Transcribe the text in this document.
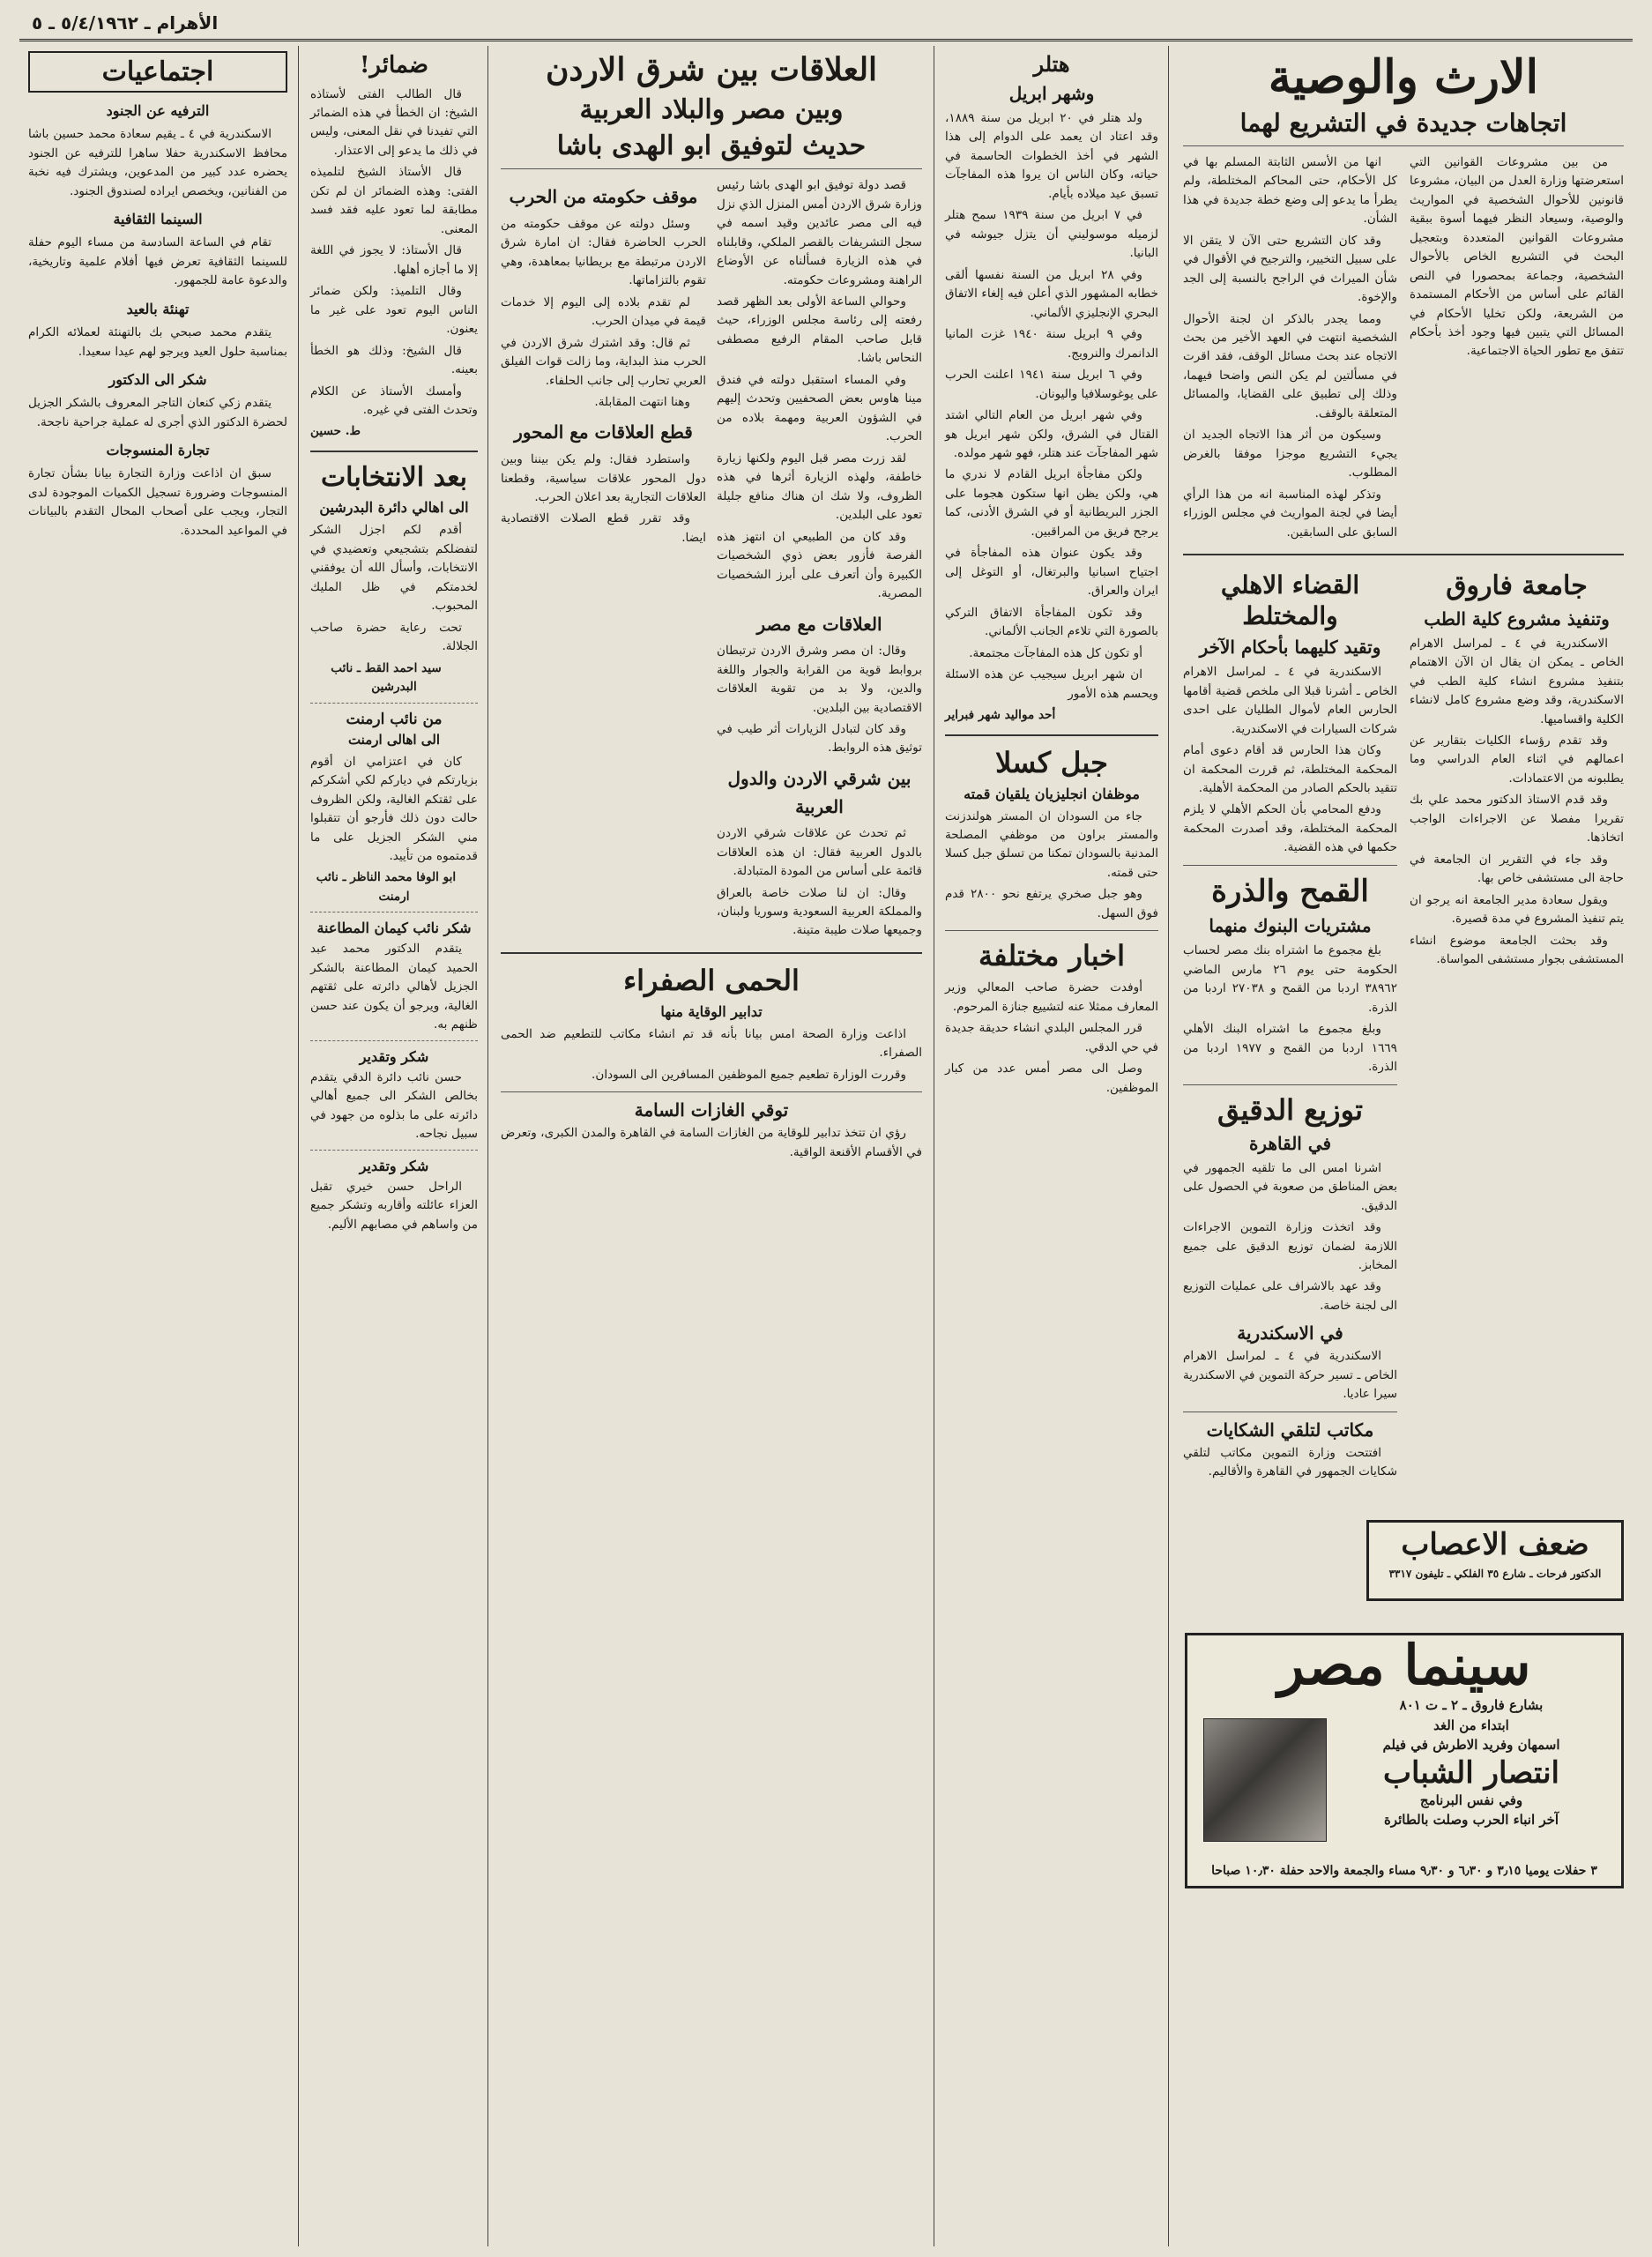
الأهرام ـ ٥/٤/١٩٦٢ ـ ٥
الارث والوصية
اتجاهات جديدة في التشريع لهما

من بين مشروعات القوانين التي استعرضتها وزارة العدل من البيان، مشروعا قانونين للأحوال الشخصية في المواريث والوصية، وسيعاد النظر فيهما أسوة ببقية مشروعات القوانين المتعددة وبتعجيل البحث في التشريع الخاص بالأحوال الشخصية، وجماعة بمحصورا في النص القائم على أساس من الأحكام المستمدة من الشريعة، ولكن تخليا الأحكام في المسائل التي يتبين فيها وجود أخذ بأحكام تتفق مع تطور الحياة الاجتماعية.

انها من الأسس الثابتة المسلم بها في كل الأحكام، حتى المحاكم المختلطة، ولم يطرأ ما يدعو إلى وضع خطة جديدة في هذا الشأن.

وقد كان التشريع حتى الآن لا يتقن الا على سبيل التخيير، والترجيح في الأقوال في شأن الميراث في الراجح بالنسبة إلى الجد والإخوة.

ومما يجدر بالذكر ان لجنة الأحوال الشخصية انتهت في العهد الأخير من بحث الاتجاه عند بحث مسائل الوقف، فقد اقرت في مسألتين لم يكن النص واضحا فيهما، وذلك إلى تطبيق على القضايا، والمسائل المتعلقة بالوقف.

وسيكون من أثر هذا الاتجاه الجديد ان يجيء التشريع موجزا موفقا بالغرض المطلوب.

وتذكر لهذه المناسبة انه من هذا الرأي أيضا في لجنة المواريث في مجلس الوزراء السابق على السابقين.

جامعة فاروق
وتنفيذ مشروع كلية الطب

الاسكندرية في ٤ ـ لمراسل الاهرام الخاص ـ يمكن ان يقال ان الآن الاهتمام بتنفيذ مشروع انشاء كلية الطب في الاسكندرية، وقد وضع مشروع كامل لانشاء الكلية واقساميها.

وقد تقدم رؤساء الكليات بتقارير عن اعمالهم في اثناء العام الدراسي وما يطلبونه من الاعتمادات.

وقد قدم الاستاذ الدكتور محمد علي بك تقريرا مفصلا عن الاجراءات الواجب اتخاذها.

وقد جاء في التقرير ان الجامعة في حاجة الى مستشفى خاص بها.

ويقول سعادة مدير الجامعة انه يرجو ان يتم تنفيذ المشروع في مدة قصيرة.

وقد بحثت الجامعة موضوع انشاء المستشفى بجوار مستشفى المواساة.

القضاء الاهلي والمختلط
وتقيد كليهما بأحكام الآخر

الاسكندرية في ٤ ـ لمراسل الاهرام الخاص ـ أشرنا قبلا الى ملخص قضية أقامها الحارس العام لأموال الطليان على احدى شركات السيارات في الاسكندرية.

وكان هذا الحارس قد أقام دعوى أمام المحكمة المختلطة، ثم قررت المحكمة ان تتقيد بالحكم الصادر من المحكمة الأهلية.

ودفع المحامي بأن الحكم الأهلي لا يلزم المحكمة المختلطة، وقد أصدرت المحكمة حكمها في هذه القضية.

القمح والذرة
مشتريات البنوك منهما

بلغ مجموع ما اشتراه بنك مصر لحساب الحكومة حتى يوم ٢٦ مارس الماضي ٣٨٩٦٢ اردبا من القمح و ٢٧٠٣٨ اردبا من الذرة.

وبلغ مجموع ما اشتراه البنك الأهلي ١٦٦٩ اردبا من القمح و ١٩٧٧ اردبا من الذرة.

توزيع الدقيق
في القاهرة

اشرنا امس الى ما تلقيه الجمهور في بعض المناطق من صعوبة في الحصول على الدقيق.

وقد اتخذت وزارة التموين الاجراءات اللازمة لضمان توزيع الدقيق على جميع المخابز.

وقد عهد بالاشراف على عمليات التوزيع الى لجنة خاصة.

في الاسكندرية

الاسكندرية في ٤ ـ لمراسل الاهرام الخاص ـ تسير حركة التموين في الاسكندرية سيرا عاديا.

مكاتب لتلقي الشكايات

افتتحت وزارة التموين مكاتب لتلقي شكايات الجمهور في القاهرة والأقاليم.

هتلر
وشهر ابريل

ولد هتلر في ٢٠ ابريل من سنة ١٨٨٩، وقد اعتاد ان يعمد على الدوام إلى هذا الشهر في أخذ الخطوات الحاسمة في حياته، وكان الناس ان يروا هذه المفاجآت تسبق عيد ميلاده بأيام.

في ٧ ابريل من سنة ١٩٣٩ سمح هتلر لزميله موسوليني أن يتزل جيوشه في البانيا.

وفي ٢٨ ابريل من السنة نفسها ألقى خطابه المشهور الذي أعلن فيه إلغاء الاتفاق البحري الإنجليزي الألماني.

وفي ٩ ابريل سنة ١٩٤٠ غزت المانيا الدانمرك والنرويج.

وفي ٦ ابريل سنة ١٩٤١ اعلنت الحرب على يوغوسلافيا واليونان.

وفي شهر ابريل من العام التالي اشتد القتال في الشرق، ولكن شهر ابريل هو شهر المفاجآت عند هتلر، فهو شهر مولده.

ولكن مفاجأة ابريل القادم لا ندري ما هي، ولكن يظن انها ستكون هجوما على الجزر البريطانية أو في الشرق الأدنى، كما يرجح فريق من المراقبين.

وقد يكون عنوان هذه المفاجأة في اجتياح اسبانيا والبرتغال، أو التوغل إلى ايران والعراق.

وقد تكون المفاجأة الاتفاق التركي بالصورة التي تلاءم الجانب الألماني.

أو تكون كل هذه المفاجآت مجتمعة.

ان شهر ابريل سيجيب عن هذه الاسئلة ويحسم هذه الأمور

أحد مواليد شهر فبراير

جبل كسلا
موظفان انجليزيان يلقيان قمته

جاء من السودان ان المستر هولندزنت والمستر براون من موظفي المصلحة المدنية بالسودان تمكنا من تسلق جبل كسلا حتى قمته.

وهو جبل صخري يرتفع نحو ٢٨٠٠ قدم فوق السهل.

اخبار مختلفة

أوفدت حضرة صاحب المعالي وزير المعارف ممثلا عنه لتشييع جنازة المرحوم.

قرر المجلس البلدي انشاء حديقة جديدة في حي الدقي.

وصل الى مصر أمس عدد من كبار الموظفين.

العلاقات بين شرق الاردن
وبين مصر والبلاد العربية
حديث لتوفيق ابو الهدى باشا

قصد دولة توفيق ابو الهدى باشا رئيس وزارة شرق الاردن أمس المنزل الذي نزل فيه الى مصر عائدين وقيد اسمه في سجل التشريفات بالقصر الملكي، وقابلناه في هذه الزيارة فسألناه عن الأوضاع الراهنة ومشروعات حكومته.

وحوالي الساعة الأولى بعد الظهر قصد رفعته إلى رئاسة مجلس الوزراء، حيث قابل صاحب المقام الرفيع مصطفى النحاس باشا.

وفي المساء استقبل دولته في فندق مينا هاوس بعض الصحفيين وتحدث إليهم في الشؤون العربية ومهمة بلاده من الحرب.

لقد زرت مصر قبل اليوم ولكنها زيارة خاطفة، ولهذه الزيارة أثرها في هذه الظروف، ولا شك ان هناك منافع جليلة تعود على البلدين.

وقد كان من الطبيعي ان انتهز هذه الفرصة فأزور بعض ذوي الشخصيات الكبيرة وأن أتعرف على أبرز الشخصيات المصرية.

العلاقات مع مصر

وقال: ان مصر وشرق الاردن ترتبطان بروابط قوية من القرابة والجوار واللغة والدين، ولا بد من تقوية العلاقات الاقتصادية بين البلدين.

وقد كان لتبادل الزيارات أثر طيب في توثيق هذه الروابط.

بين شرقي الاردن والدول العربية

ثم تحدث عن علاقات شرقي الاردن بالدول العربية فقال: ان هذه العلاقات قائمة على أساس من المودة المتبادلة.

وقال: ان لنا صلات خاصة بالعراق والمملكة العربية السعودية وسوريا ولبنان، وجميعها صلات طيبة متينة.

موقف حكومته من الحرب

وسئل دولته عن موقف حكومته من الحرب الحاضرة فقال: ان امارة شرق الاردن مرتبطة مع بريطانيا بمعاهدة، وهي تقوم بالتزاماتها.

لم تقدم بلاده إلى اليوم إلا خدمات قيمة في ميدان الحرب.

ثم قال: وقد اشترك شرق الاردن في الحرب منذ البداية، وما زالت قوات الفيلق العربي تحارب إلى جانب الحلفاء.

وهنا انتهت المقابلة.

قطع العلاقات مع المحور

واستطرد فقال: ولم يكن بيننا وبين دول المحور علاقات سياسية، وقطعنا العلاقات التجارية بعد اعلان الحرب.

وقد تقرر قطع الصلات الاقتصادية ايضا.

الحمى الصفراء
تدابير الوقاية منها

اذاعت وزارة الصحة امس بيانا بأنه قد تم انشاء مكاتب للتطعيم ضد الحمى الصفراء.

وقررت الوزارة تطعيم جميع الموظفين المسافرين الى السودان.

توقي الغازات السامة

رؤي ان تتخذ تدابير للوقاية من الغازات السامة في القاهرة والمدن الكبرى، وتعرض في الأقسام الأقنعة الواقية.

ضمائر!

قال الطالب الفتى لأستاذه الشيخ: ان الخطأ في هذه الضمائر التي تفيدنا في نقل المعنى، وليس في ذلك ما يدعو إلى الاعتذار.

قال الأستاذ الشيخ لتلميذه الفتى: وهذه الضمائر ان لم تكن مطابقة لما تعود عليه فقد فسد المعنى.

قال الأستاذ: لا يجوز في اللغة إلا ما أجازه أهلها.

وقال التلميذ: ولكن ضمائر الناس اليوم تعود على غير ما يعنون.

قال الشيخ: وذلك هو الخطأ بعينه.

وأمسك الأستاذ عن الكلام وتحدث الفتى في غيره.

ط. حسين

بعد الانتخابات
الى اهالي دائرة البدرشين

أقدم لكم اجزل الشكر لتفضلكم بتشجيعي وتعضيدي في الانتخابات، وأسأل الله أن يوفقني لخدمتكم في ظل المليك المحبوب.

تحت رعاية حضرة صاحب الجلالة.

سيد احمد القط ـ نائب البدرشين

من نائب ارمنت
الى اهالى ارمنت

كان في اعتزامي ان أقوم بزيارتكم في دياركم لكي أشكركم على ثقتكم الغالية، ولكن الظروف حالت دون ذلك فأرجو أن تتقبلوا مني الشكر الجزيل على ما قدمتموه من تأييد.

ابو الوفا محمد الناظر ـ نائب ارمنت

شكر نائب كيمان المطاعنة

يتقدم الدكتور محمد عبد الحميد كيمان المطاعنة بالشكر الجزيل لأهالي دائرته على ثقتهم الغالية، ويرجو أن يكون عند حسن ظنهم به.

شكر وتقدير

حسن نائب دائرة الدقي يتقدم بخالص الشكر الى جميع أهالي دائرته على ما بذلوه من جهود في سبيل نجاحه.

شكر وتقدير

الراحل حسن خيري تقبل العزاء عائلته وأقاربه وتشكر جميع من واساهم في مصابهم الأليم.

اجتماعيات
الترفيه عن الجنود

الاسكندرية في ٤ ـ يقيم سعادة محمد حسين باشا محافظ الاسكندرية حفلا ساهرا للترفيه عن الجنود يحضره عدد كبير من المدعوين، ويشترك فيه نخبة من الفنانين، ويخصص ايراده لصندوق الجنود.

السينما الثقافية

تقام في الساعة السادسة من مساء اليوم حفلة للسينما الثقافية تعرض فيها أفلام علمية وتاريخية، والدعوة عامة للجمهور.

تهنئة بالعيد

يتقدم محمد صبحي بك بالتهنئة لعملائه الكرام بمناسبة حلول العيد ويرجو لهم عيدا سعيدا.

شكر الى الدكتور

يتقدم زكي كنعان التاجر المعروف بالشكر الجزيل لحضرة الدكتور الذي أجرى له عملية جراحية ناجحة.

تجارة المنسوجات

سبق ان اذاعت وزارة التجارة بيانا بشأن تجارة المنسوجات وضرورة تسجيل الكميات الموجودة لدى التجار، ويجب على أصحاب المحال التقدم بالبيانات في المواعيد المحددة.

ضعف الاعصاب
الدكتور فرحات ـ شارع ٣٥ الفلكي ـ تليفون ٣٣١٧
سينما مصر
بشارع فاروق ـ ٢ ـ ت ٨٠١
ابتداء من الغد
اسمهان وفريد الاطرش في فيلم
انتصار الشباب
وفي نفس البرنامج
آخر انباء الحرب وصلت بالطائرة
٣ حفلات يوميا ٣٫١٥ و ٦٫٣٠ و ٩٫٣٠ مساء والجمعة والاحد حفلة ١٠٫٣٠ صباحا
